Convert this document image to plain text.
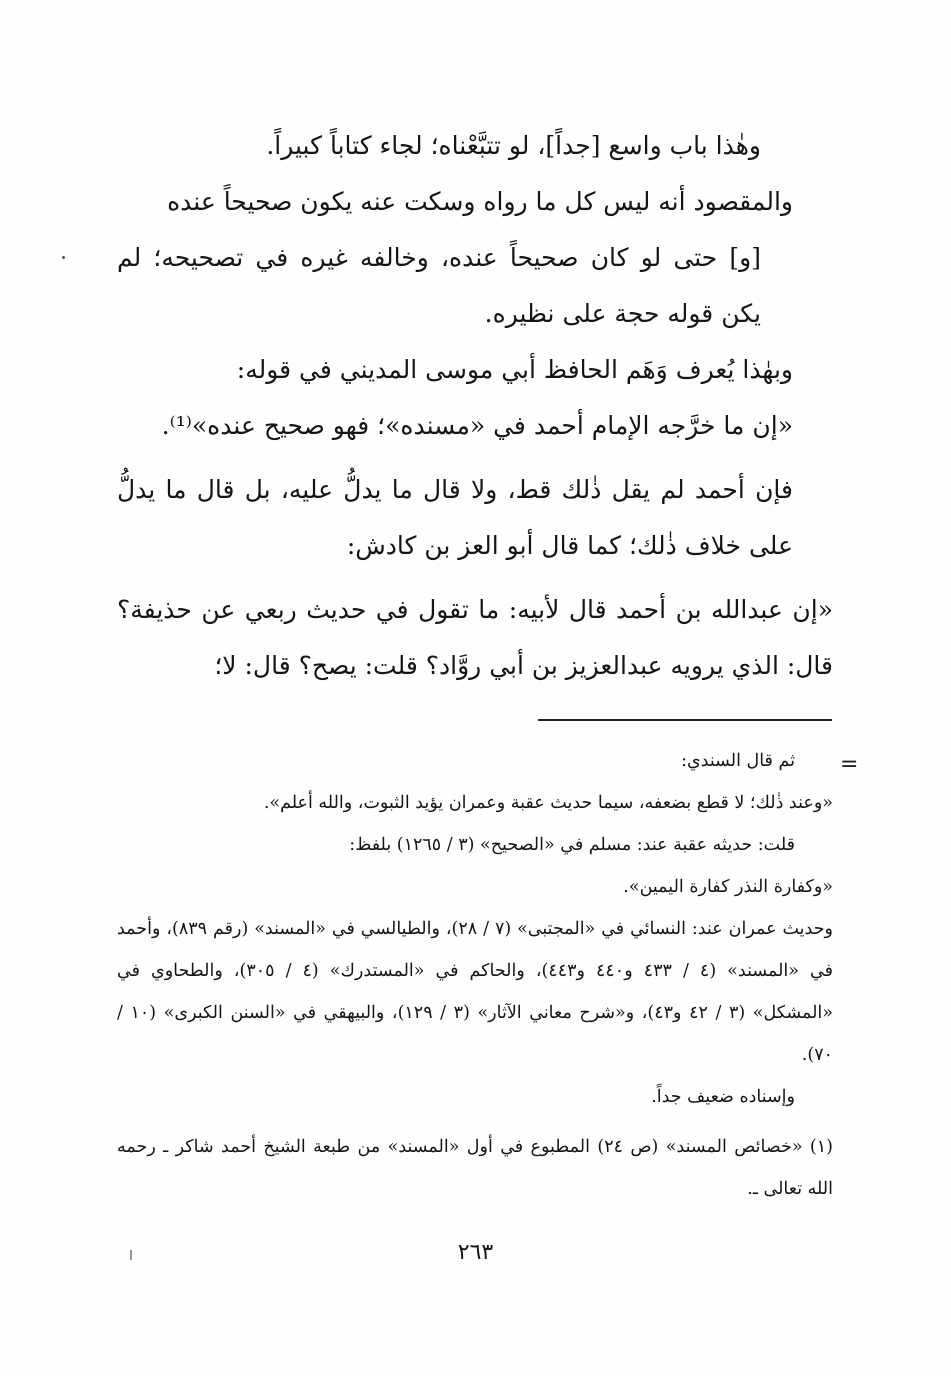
وهٰذا باب واسع [جداً]، لو تتبَّعْناه؛ لجاء كتاباً كبيراً.

والمقصود أنه ليس كل ما رواه وسكت عنه يكون صحيحاً عنده

[و] حتى لو كان صحيحاً عنده، وخالفه غيره في تصحيحه؛ لم يكن قوله حجة على نظيره.

وبهٰذا يُعرف وَهَم الحافظ أبي موسى المديني في قوله:

«إن ما خرَّجه الإمام أحمد في «مسنده»؛ فهو صحيح عنده»⁽¹⁾.

فإن أحمد لم يقل ذٰلك قط، ولا قال ما يدلُّ عليه، بل قال ما يدلُّ على خلاف ذٰلك؛ كما قال أبو العز بن كادش:

«إن عبدالله بن أحمد قال لأبيه: ما تقول في حديث ربعي عن حذيفة؟ قال: الذي يرويه عبدالعزيز بن أبي روَّاد؟ قلت: يصح؟ قال: لا؛

=

ثم قال السندي:

«وعند ذٰلك؛ لا قطع بضعفه، سيما حديث عقبة وعمران يؤيد الثبوت، والله أعلم».

قلت: حديثه عقبة عند: مسلم في «الصحيح» (٣ / ١٢٦٥) بلفظ:

«وكفارة النذر كفارة اليمين».

وحديث عمران عند: النسائي في «المجتبى» (٧ / ٢٨)، والطيالسي في «المسند» (رقم ٨٣٩)، وأحمد في «المسند» (٤ / ٤٣٣ و٤٤٠ و٤٤٣)، والحاكم في «المستدرك» (٤ / ٣٠٥)، والطحاوي في «المشكل» (٣ / ٤٢ و٤٣)، و«شرح معاني الآثار» (٣ / ١٢٩)، والبيهقي في «السنن الكبرى» (١٠ / ٧٠).

وإسناده ضعيف جداً.

(١) «خصائص المسند» (ص ٢٤) المطبوع في أول «المسند» من طبعة الشيخ أحمد شاكر ـ رحمه الله تعالى ـ.

٢٦٣
